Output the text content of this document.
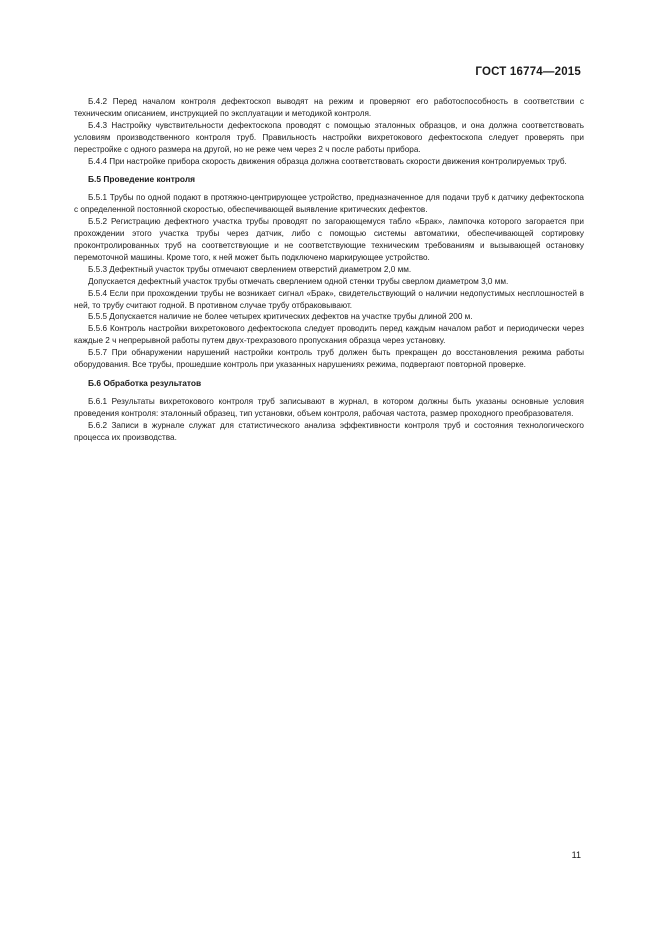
ГОСТ 16774—2015

Б.4.2 Перед началом контроля дефектоскоп выводят на режим и проверяют его работоспособность в соответствии с техническим описанием, инструкцией по эксплуатации и методикой контроля.

Б.4.3 Настройку чувствительности дефектоскопа проводят с помощью эталонных образцов, и она должна соответствовать условиям производственного контроля труб. Правильность настройки вихретокового дефектоскопа следует проверять при перестройке с одного размера на другой, но не реже чем через 2 ч после работы прибора.

Б.4.4 При настройке прибора скорость движения образца должна соответствовать скорости движения контролируемых труб.

Б.5 Проведение контроля

Б.5.1 Трубы по одной подают в протяжно-центрирующее устройство, предназначенное для подачи труб к датчику дефектоскопа с определенной постоянной скоростью, обеспечивающей выявление критических дефектов.

Б.5.2 Регистрацию дефектного участка трубы проводят по загорающемуся табло «Брак», лампочка которого загорается при прохождении этого участка трубы через датчик, либо с помощью системы автоматики, обеспечивающей сортировку проконтролированных труб на соответствующие и не соответствующие техническим требованиям и вызывающей остановку перемоточной машины. Кроме того, к ней может быть подключено маркирующее устройство.

Б.5.3 Дефектный участок трубы отмечают сверлением отверстий диаметром 2,0 мм.

Допускается дефектный участок трубы отмечать сверлением одной стенки трубы сверлом диаметром 3,0 мм.

Б.5.4 Если при прохождении трубы не возникает сигнал «Брак», свидетельствующий о наличии недопустимых несплошностей в ней, то трубу считают годной. В противном случае трубу отбраковывают.

Б.5.5 Допускается наличие не более четырех критических дефектов на участке трубы длиной 200 м.

Б.5.6 Контроль настройки вихретокового дефектоскопа следует проводить перед каждым началом работ и периодически через каждые 2 ч непрерывной работы путем двух-трехразового пропускания образца через установку.

Б.5.7 При обнаружении нарушений настройки контроль труб должен быть прекращен до восстановления режима работы оборудования. Все трубы, прошедшие контроль при указанных нарушениях режима, подвергают повторной проверке.

Б.6 Обработка результатов

Б.6.1 Результаты вихретокового контроля труб записывают в журнал, в котором должны быть указаны основные условия проведения контроля: эталонный образец, тип установки, объем контроля, рабочая частота, размер проходного преобразователя.

Б.6.2 Записи в журнале служат для статистического анализа эффективности контроля труб и состояния технологического процесса их производства.

11
